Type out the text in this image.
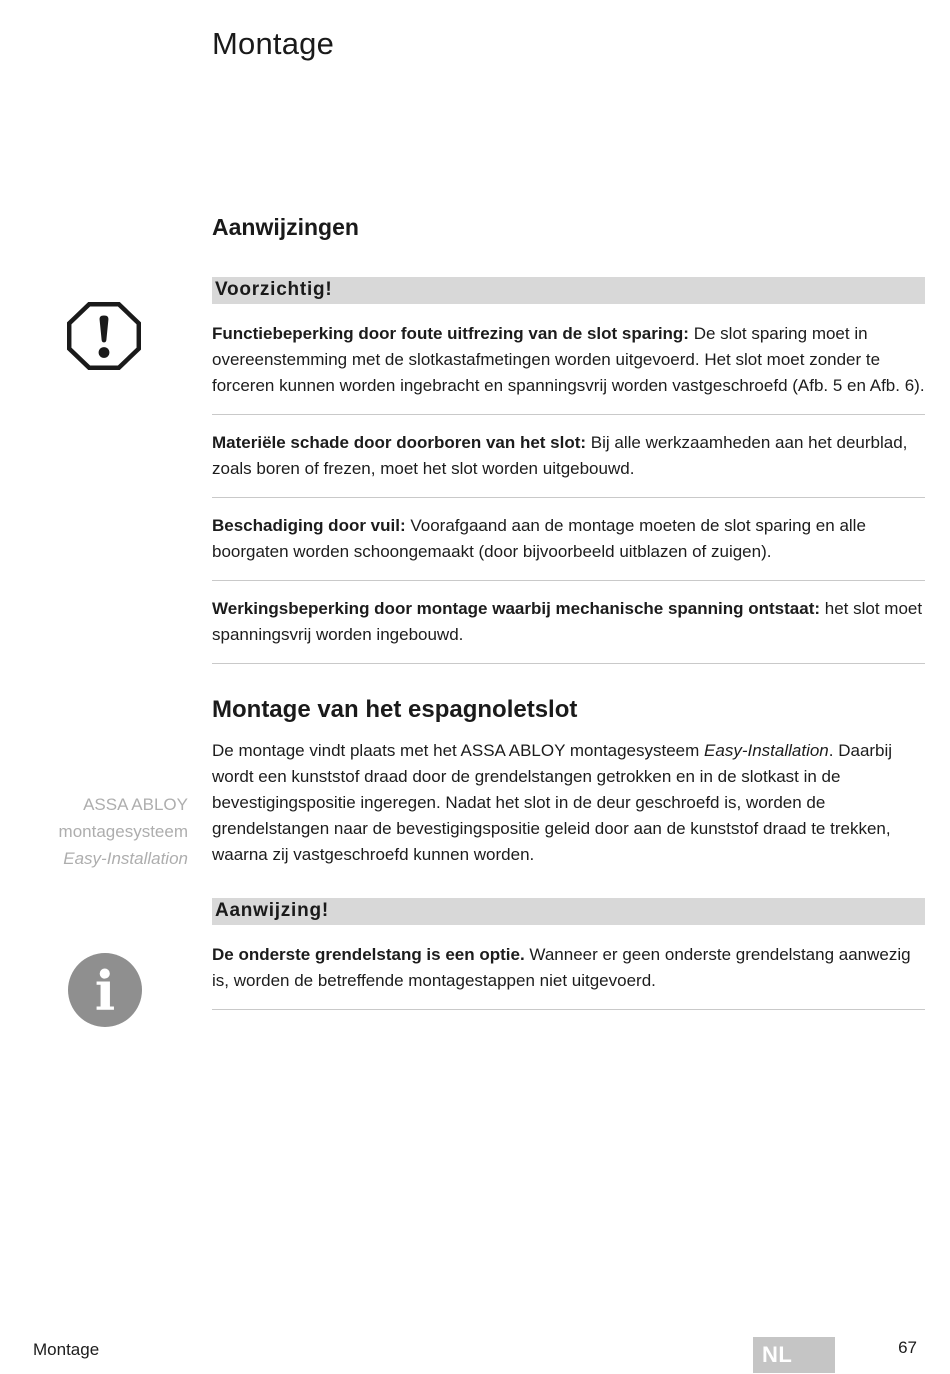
i
ASSA ABLOY
montagesysteem
Easy-Installation
Montage
Aanwijzingen
Voorzichtig!

Functiebeperking door foute uitfrezing van de slot sparing: De slot sparing moet in overeenstemming met de slotkastafmetingen worden uitgevoerd. Het slot moet zonder te forceren kunnen worden ingebracht en spanningsvrij worden vastgeschroefd (Afb. 5 en Afb. 6).

Materiële schade door doorboren van het slot: Bij alle werkzaamheden aan het deurblad, zoals boren of frezen, moet het slot worden uitgebouwd.

Beschadiging door vuil: Voorafgaand aan de montage moeten de slot sparing en alle boorgaten worden schoongemaakt (door bijvoorbeeld uitblazen of zuigen).

Werkingsbeperking door montage waarbij mechanische spanning ontstaat: het slot moet spanningsvrij worden ingebouwd.

Montage van het espagnoletslot

De montage vindt plaats met het ASSA ABLOY montagesysteem Easy-Installation. Daarbij wordt een kunststof draad door de grendelstangen getrokken en in de slotkast in de bevestigingspositie ingeregen. Nadat het slot in de deur geschroefd is, worden de grendelstangen naar de bevestigingspositie geleid door aan de kunststof draad te trekken, waarna zij vastgeschroefd kunnen worden.

Aanwijzing!

De onderste grendelstang is een optie. Wanneer er geen onderste grendelstang aanwezig is, worden de betreffende montagestappen niet uitgevoerd.

Montage	NL	67
